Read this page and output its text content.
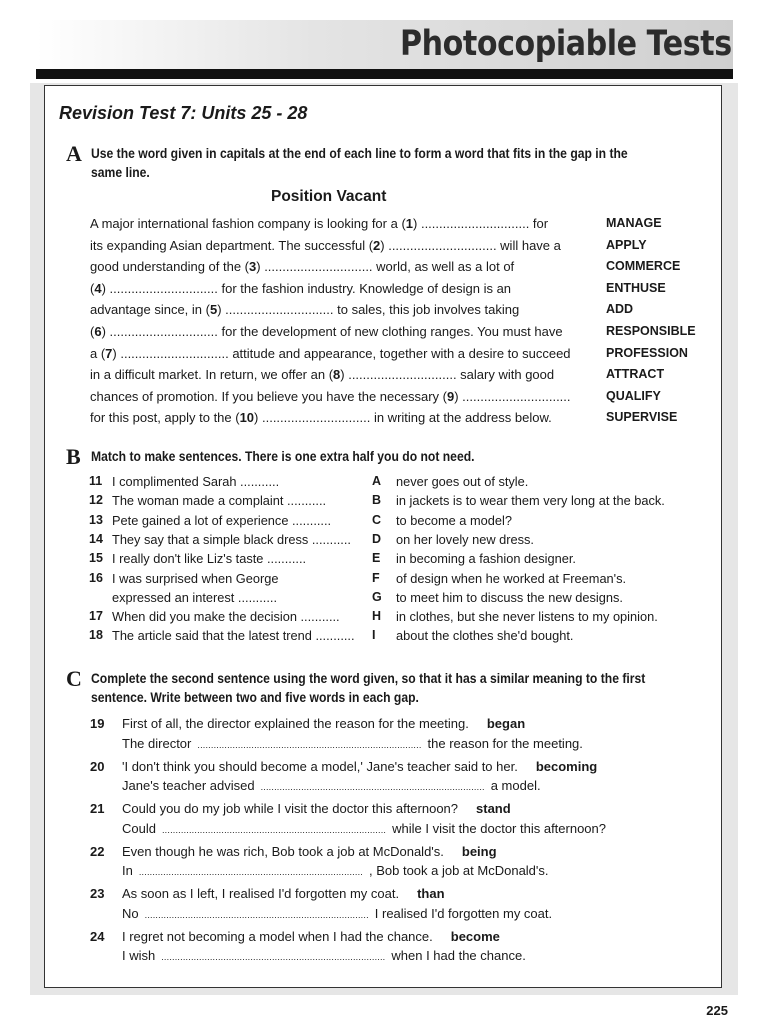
Photocopiable Tests
Revision Test 7: Units 25 - 28
A Use the word given in capitals at the end of each line to form a word that fits in the gap in the
same line.
Position Vacant
A major international fashion company is looking for a (1) .............................. for
its expanding Asian department. The successful (2) .............................. will have a
good understanding of the (3) .............................. world, as well as a lot of
(4) .............................. for the fashion industry. Knowledge of design is an
advantage since, in (5) .............................. to sales, this job involves taking
(6) .............................. for the development of new clothing ranges. You must have
a (7) .............................. attitude and appearance, together with a desire to succeed
in a difficult market. In return, we offer an (8) .............................. salary with good
chances of promotion. If you believe you have the necessary (9) ..............................
for this post, apply to the (10) .............................. in writing at the address below.
MANAGE
APPLY
COMMERCE
ENTHUSE
ADD
RESPONSIBLE
PROFESSION
ATTRACT
QUALIFY
SUPERVISE
B Match to make sentences. There is one extra half you do not need.
11 I complimented Sarah ...........
12 The woman made a complaint ...........
13 Pete gained a lot of experience ...........
14 They say that a simple black dress ...........
15 I really don't like Liz's taste ...........
16 I was surprised when George
expressed an interest ...........
17 When did you make the decision ...........
18 The article said that the latest trend ...........
A never goes out of style.
B in jackets is to wear them very long at the back.
C to become a model?
D on her lovely new dress.
E in becoming a fashion designer.
F of design when he worked at Freeman's.
G to meet him to discuss the new designs.
H in clothes, but she never listens to my opinion.
I about the clothes she'd bought.
C Complete the second sentence using the word given, so that it has a similar meaning to the first
sentence. Write between two and five words in each gap.
19 First of all, the director explained the reason for the meeting. began
The director ................................................................................... the reason for the meeting.
20 'I don't think you should become a model,' Jane's teacher said to her. becoming
Jane's teacher advised ................................................................................... a model.
21 Could you do my job while I visit the doctor this afternoon? stand
Could ................................................................................... while I visit the doctor this afternoon?
22 Even though he was rich, Bob took a job at McDonald's. being
In ................................................................................... , Bob took a job at McDonald's.
23 As soon as I left, I realised I'd forgotten my coat. than
No ................................................................................... I realised I'd forgotten my coat.
24 I regret not becoming a model when I had the chance. become
I wish ................................................................................... when I had the chance.
225
